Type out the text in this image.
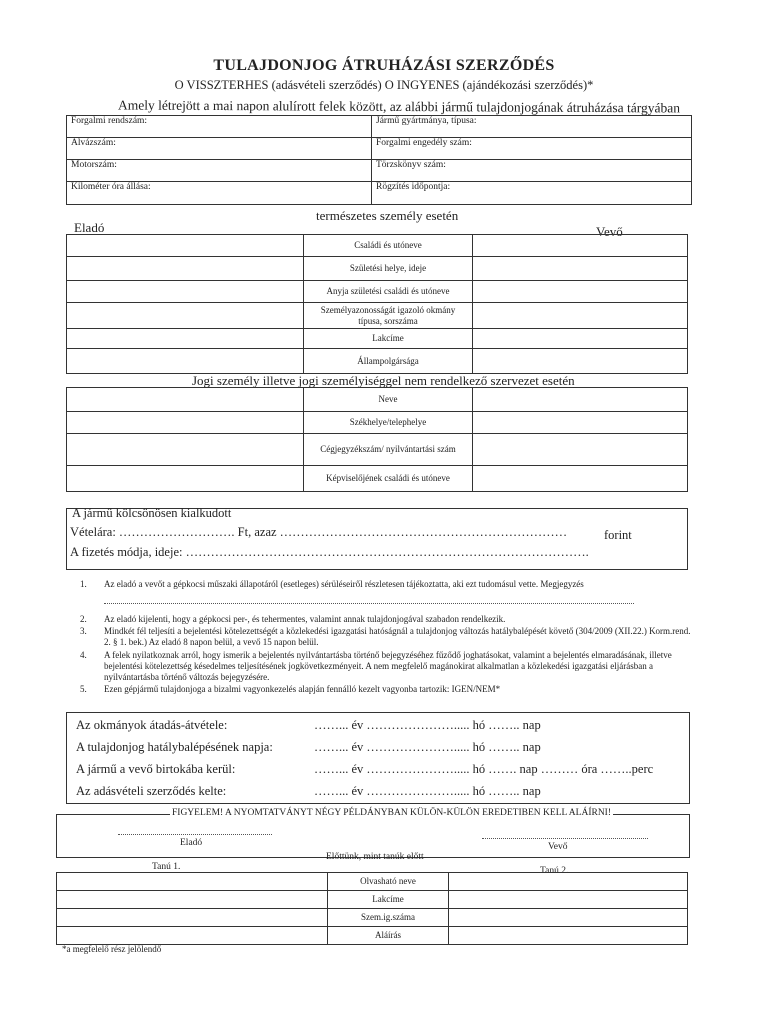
TULAJDONJOG ÁTRUHÁZÁSI SZERZŐDÉS
O VISSZTERHES (adásvételi szerződés) O INGYENES (ajándékozási szerződés)*
Amely létrejött a mai napon alulírott felek között, az alábbi jármű tulajdonjogának átruházása tárgyában
Forgalmi rendszám:	Jármű gyártmánya, típusa:
Alvázszám:	Forgalmi engedély szám:
Motorszám:	Törzskönyv szám:
Kilométer óra állása:	Rögzítés időpontja:
természetes személy esetén
Eladó	Vevő
	Családi és utóneve	
	Születési helye, ideje	
	Anyja születési családi és utóneve	
	Személyazonosságát igazoló okmány típusa, sorszáma	
	Lakcíme	
	Állampolgársága	
Jogi személy illetve jogi személyiséggel nem rendelkező szervezet esetén
	Neve	
	Székhelye/telephelye	
	Cégjegyzékszám/ nyilvántartási szám	
	Képviselőjének családi és utóneve	
A jármű kölcsönösen kialkudott
Vételára: ………………………. Ft, azaz ……………………………………………………………	forint
A fizetés módja, ideje: …………………………………………………………………………………….
1. Az eladó a vevőt a gépkocsi műszaki állapotáról (esetleges) sérüléseiről részletesen tájékoztatta, aki ezt tudomásul vette. Megjegyzés
2. Az eladó kijelenti, hogy a gépkocsi per-, és tehermentes, valamint annak tulajdonjogával szabadon rendelkezik.
3. Mindkét fél teljesíti a bejelentési kötelezettségét a közlekedési igazgatási hatóságnál a tulajdonjog változás hatálybalépését követő (304/2009 (XII.22.) Korm.rend. 2. § 1. bek.) Az eladó 8 napon belül, a vevő 15 napon belül.
4. A felek nyilatkoznak arról, hogy ismerik a bejelentés nyilvántartásba történő bejegyzéséhez fűződő joghatásokat, valamint a bejelentés elmaradásának, illetve bejelentési kötelezettség késedelmes teljesítésének jogkövetkezményeit. A nem megfelelő magánokirat alkalmatlan a közlekedési igazgatási eljárásban a nyilvántartásba történő változás bejegyzésére.
5. Ezen gépjármű tulajdonjoga a bizalmi vagyonkezelés alapján fennálló kezelt vagyonba tartozik: IGEN/NEM*
Az okmányok átadás-átvétele:	……... év …………………..... hó …….. nap
A tulajdonjog hatálybalépésének napja:	……... év …………………..... hó …….. nap
A jármű a vevő birtokába kerül:	……... év …………………..... hó ……. nap ……… óra ……..perc
Az adásvételi szerződés kelte:	……... év …………………..... hó …….. nap
FIGYELEM! A NYOMTATVÁNYT NÉGY PÉLDÁNYBAN KÜLÖN-KÜLÖN EREDETIBEN KELL ALÁÍRNI!
Eladó	Vevő
Előttünk, mint tanúk előtt
Tanú 1.	Tanú 2.
	Olvasható neve	
	Lakcíme	
	Szem.ig.száma	
	Aláírás	
*a megfelelő rész jelölendő
